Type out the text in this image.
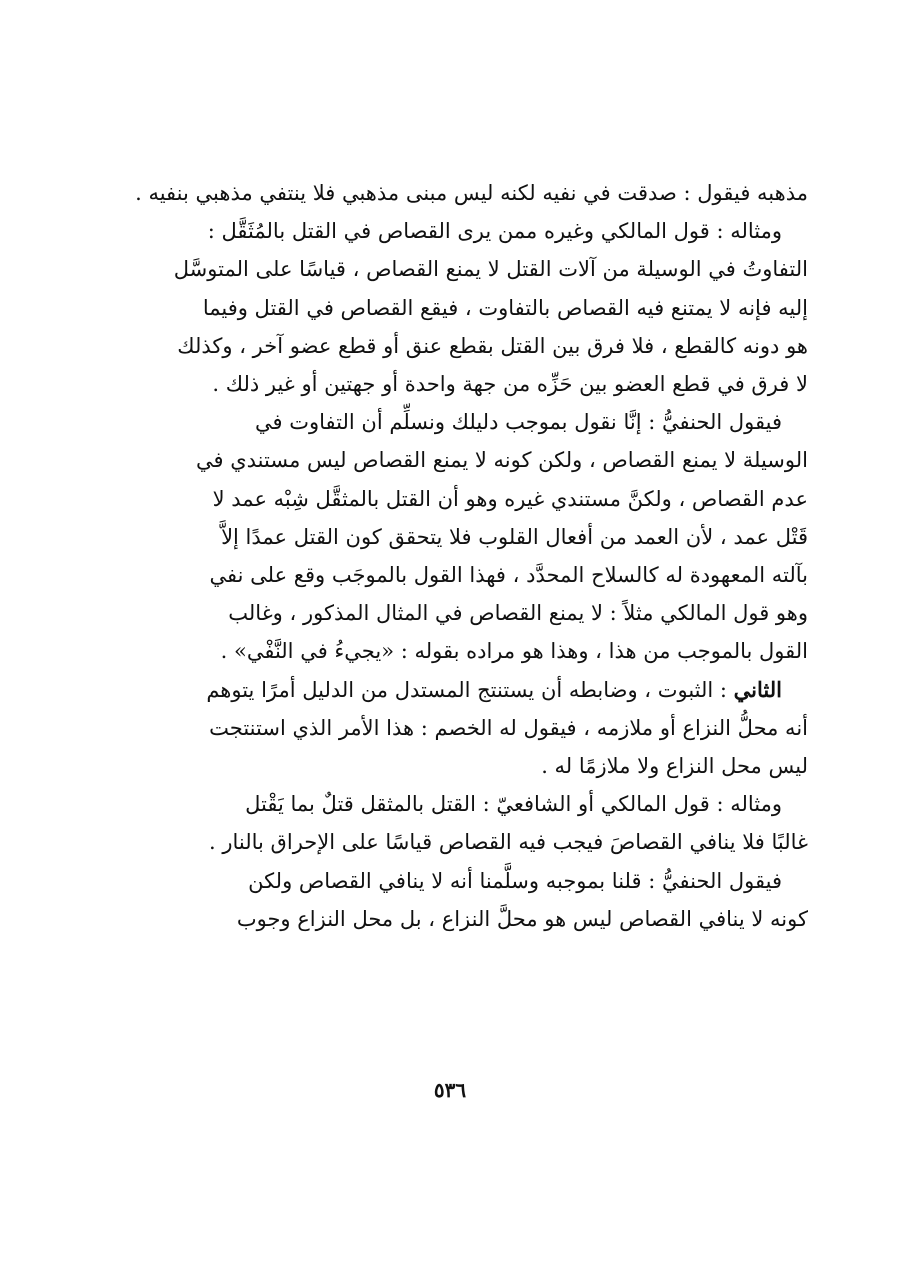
مذهبه فيقول : صدقت في نفيه لكنه ليس مبنى مذهبي فلا ينتفي مذهبي بنفيه .
ومثاله : قول المالكي وغيره ممن يرى القصاص في القتل بالمُثَقَّل :
التفاوتُ في الوسيلة من آلات القتل لا يمنع القصاص ، قياسًا على المتوسَّل
إليه فإنه لا يمتنع فيه القصاص بالتفاوت ، فيقع القصاص في القتل وفيما
هو دونه كالقطع ، فلا فرق بين القتل بقطع عنق أو قطع عضو آخر ، وكذلك
لا فرق في قطع العضو بين حَزِّه من جهة واحدة أو جهتين أو غير ذلك .
فيقول الحنفيُّ : إنَّا نقول بموجب دليلك ونسلِّم أن التفاوت في
الوسيلة لا يمنع القصاص ، ولكن كونه لا يمنع القصاص ليس مستندي في
عدم القصاص ، ولكنَّ مستندي غيره وهو أن القتل بالمثقَّل شِبْه عمد لا
قَتْل عمد ، لأن العمد من أفعال القلوب فلا يتحقق كون القتل عمدًا إلاَّ
بآلته المعهودة له كالسلاح المحدَّد ، فهذا القول بالموجَب وقع على نفي
وهو قول المالكي مثلاً : لا يمنع القصاص في المثال المذكور ، وغالب
القول بالموجب من هذا ، وهذا هو مراده بقوله : «يجيءُ في النَّفْي» .
الثاني : الثبوت ، وضابطه أن يستنتج المستدل من الدليل أمرًا يتوهم
أنه محلُّ النزاع أو ملازمه ، فيقول له الخصم : هذا الأمر الذي استنتجت
ليس محل النزاع ولا ملازمًا له .
ومثاله : قول المالكي أو الشافعيّ : القتل بالمثقل قتلٌ بما يَقْتل
غالبًا فلا ينافي القصاصَ فيجب فيه القصاص قياسًا على الإحراق بالنار .
فيقول الحنفيُّ : قلنا بموجبه وسلَّمنا أنه لا ينافي القصاص ولكن
كونه لا ينافي القصاص ليس هو محلَّ النزاع ، بل محل النزاع وجوب
٥٣٦
